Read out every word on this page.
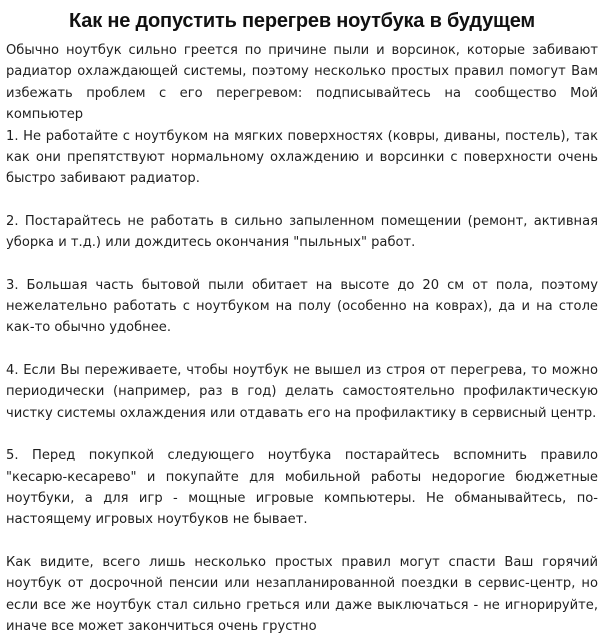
Как не допустить перегрев ноутбука в будущем

Обычно ноутбук сильно греется по причине пыли и ворсинок, которые забивают радиатор охлаждающей системы, поэтому несколько простых правил помогут Вам избежать проблем с его перегревом: подписывайтесь на сообщество Мой компьютер

1. Не работайте с ноутбуком на мягких поверхностях (ковры, диваны, постель), так как они препятствуют нормальному охлаждению и ворсинки с поверхности очень быстро забивают радиатор.

2. Постарайтесь не работать в сильно запыленном помещении (ремонт, активная уборка и т.д.) или дождитесь окончания "пыльных" работ.

3. Большая часть бытовой пыли обитает на высоте до 20 см от пола, поэтому нежелательно работать с ноутбуком на полу (особенно на коврах), да и на столе как-то обычно удобнее.

4. Если Вы переживаете, чтобы ноутбук не вышел из строя от перегрева, то можно периодически (например, раз в год) делать самостоятельно профилактическую чистку системы охлаждения или отдавать его на профилактику в сервисный центр.

5. Перед покупкой следующего ноутбука постарайтесь вспомнить правило "кесарю-кесарево" и покупайте для мобильной работы недорогие бюджетные ноутбуки, а для игр - мощные игровые компьютеры. Не обманывайтесь, по-настоящему игровых ноутбуков не бывает.

Как видите, всего лишь несколько простых правил могут спасти Ваш горячий ноутбук от досрочной пенсии или незапланированной поездки в сервис-центр, но если все же ноутбук стал сильно греться или даже выключаться - не игнорируйте, иначе все может закончиться очень грустно
